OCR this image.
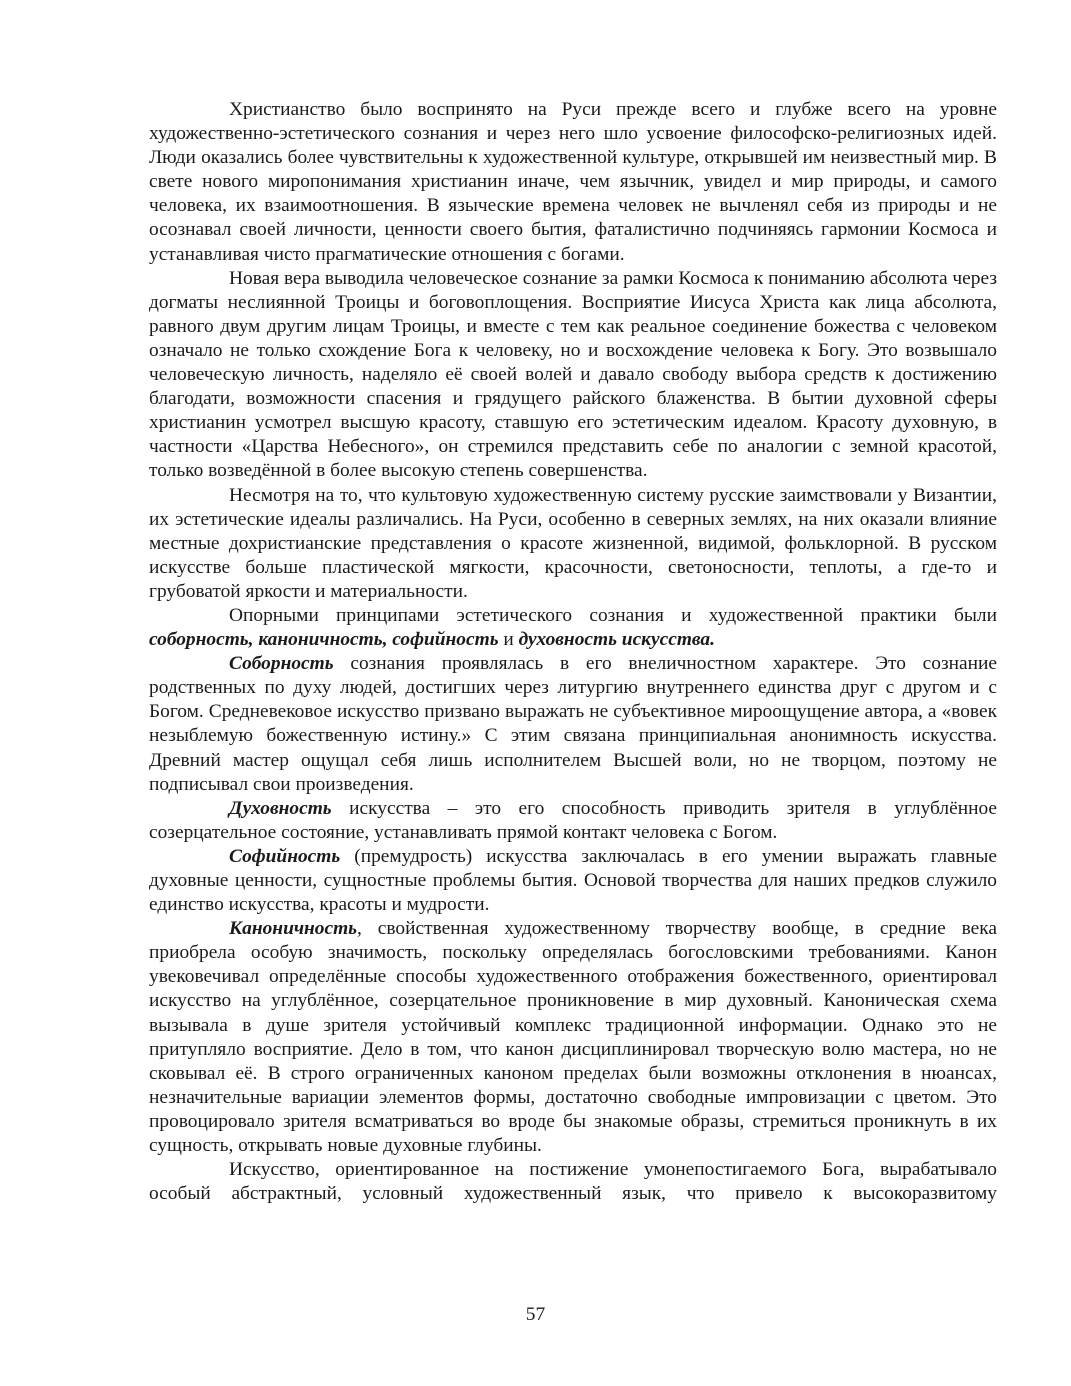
Христианство было воспринято на Руси прежде всего и глубже всего на уровне художественно-эстетического сознания и через него шло усвоение философско-религиозных идей. Люди оказались более чувствительны к художественной культуре, открывшей им неизвестный мир. В свете нового миропонимания христианин иначе, чем язычник, увидел и мир природы, и самого человека, их взаимоотношения. В языческие времена человек не вычленял себя из природы и не осознавал своей личности, ценности своего бытия, фаталистично подчиняясь гармонии Космоса и устанавливая чисто прагматические отношения с богами.

Новая вера выводила человеческое сознание за рамки Космоса к пониманию абсолюта через догматы неслиянной Троицы и боговоплощения. Восприятие Иисуса Христа как лица абсолюта, равного двум другим лицам Троицы, и вместе с тем как реальное соединение божества с человеком означало не только схождение Бога к человеку, но и восхождение человека к Богу. Это возвышало человеческую личность, наделяло её своей волей и давало свободу выбора средств к достижению благодати, возможности спасения и грядущего райского блаженства. В бытии духовной сферы христианин усмотрел высшую красоту, ставшую его эстетическим идеалом. Красоту духовную, в частности «Царства Небесного», он стремился представить себе по аналогии с земной красотой, только возведённой в более высокую степень совершенства.

Несмотря на то, что культовую художественную систему русские заимствовали у Византии, их эстетические идеалы различались. На Руси, особенно в северных землях, на них оказали влияние местные дохристианские представления о красоте жизненной, видимой, фольклорной. В русском искусстве больше пластической мягкости, красочности, светоносности, теплоты, а где-то и грубоватой яркости и материальности.

Опорными принципами эстетического сознания и художественной практики были соборность, каноничность, софийность и духовность искусства.

Соборность сознания проявлялась в его внеличностном характере. Это сознание родственных по духу людей, достигших через литургию внутреннего единства друг с другом и с Богом. Средневековое искусство призвано выражать не субъективное мироощущение автора, а «вовек незыблемую божественную истину.» С этим связана принципиальная анонимность искусства. Древний мастер ощущал себя лишь исполнителем Высшей воли, но не творцом, поэтому не подписывал свои произведения.

Духовность искусства – это его способность приводить зрителя в углублённое созерцательное состояние, устанавливать прямой контакт человека с Богом.

Софийность (премудрость) искусства заключалась в его умении выражать главные духовные ценности, сущностные проблемы бытия. Основой творчества для наших предков служило единство искусства, красоты и мудрости.

Каноничность, свойственная художественному творчеству вообще, в средние века приобрела особую значимость, поскольку определялась богословскими требованиями. Канон увековечивал определённые способы художественного отображения божественного, ориентировал искусство на углублённое, созерцательное проникновение в мир духовный. Каноническая схема вызывала в душе зрителя устойчивый комплекс традиционной информации. Однако это не притупляло восприятие. Дело в том, что канон дисциплинировал творческую волю мастера, но не сковывал её. В строго ограниченных каноном пределах были возможны отклонения в нюансах, незначительные вариации элементов формы, достаточно свободные импровизации с цветом. Это провоцировало зрителя всматриваться во вроде бы знакомые образы, стремиться проникнуть в их сущность, открывать новые духовные глубины.

Искусство, ориентированное на постижение умонепостигаемого Бога, вырабатывало особый абстрактный, условный художественный язык, что привело к высокоразвитому

57
